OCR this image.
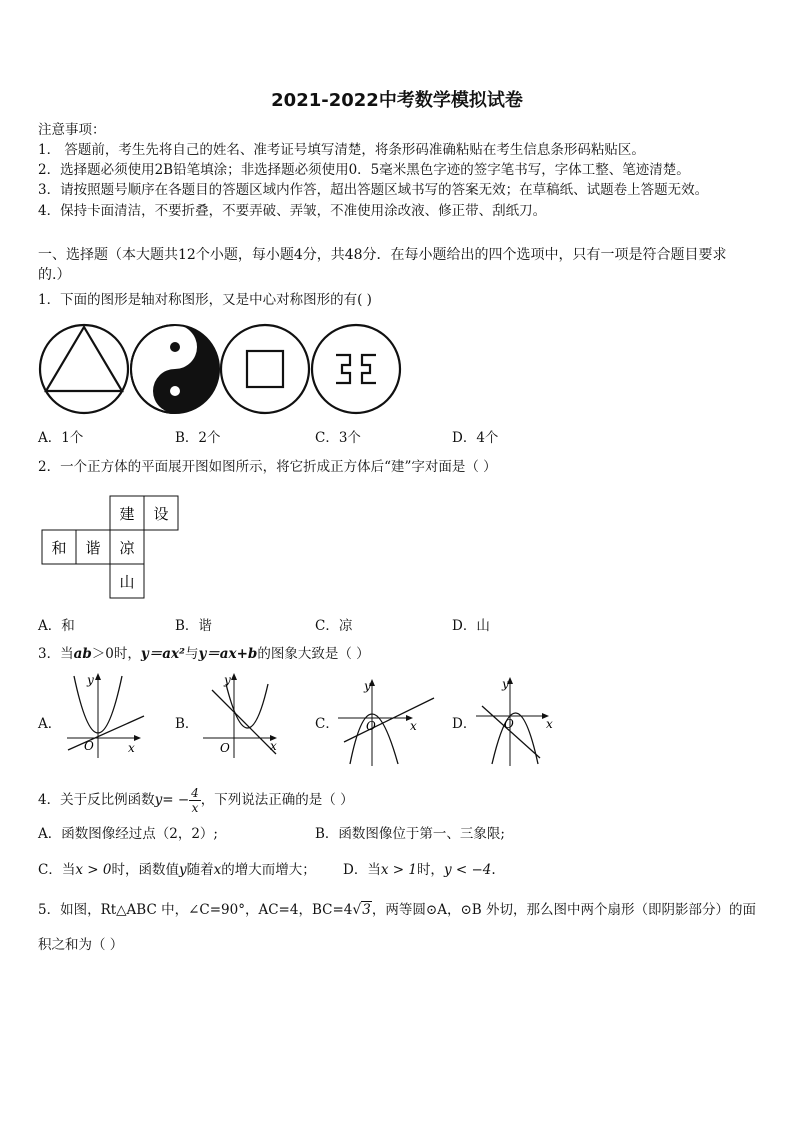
2021-2022中考数学模拟试卷
注意事项：
1． 答题前，考生先将自己的姓名、准考证号填写清楚，将条形码准确粘贴在考生信息条形码粘贴区。
2．选择题必须使用2B铅笔填涂；非选择题必须使用0．5毫米黑色字迹的签字笔书写，字体工整、笔迹清楚。
3．请按照题号顺序在各题目的答题区域内作答，超出答题区域书写的答案无效；在草稿纸、试题卷上答题无效。
4．保持卡面清洁，不要折叠，不要弄破、弄皱，不准使用涂改液、修正带、刮纸刀。
一、选择题（本大题共12个小题，每小题4分，共48分．在每小题给出的四个选项中，只有一项是符合题目要求
的.）
1．下面的图形是轴对称图形，又是中心对称图形的有( )
A．1个	B．2个	C．3个	D．4个
2．一个正方体的平面展开图如图所示，将它折成正方体后“建”字对面是（ ）
建 设
和 谐 凉
山
A．和	B．谐	C．凉	D．山
3．当ab＞0时，y＝ax²与y＝ax+b的图象大致是（ ）
A．	B．	C．	D．
y
x
O
y
x
O
y
x
O
y
x
O
4．关于反比例函数$y= - \frac{4}{x}$ ，下列说法正确的是（ ）
A．函数图像经过点（2，2）;	B．函数图像位于第一、三象限;
C．当x > 0时，函数值y随着x的增大而增大； D．当x > 1时，y < −4.
5．如图，Rt△ABC 中，∠C=90°，AC=4，BC=4√3，两等圆⊙A，⊙B 外切，那么图中两个扇形（即阴影部分）的面
积之和为（ ）
